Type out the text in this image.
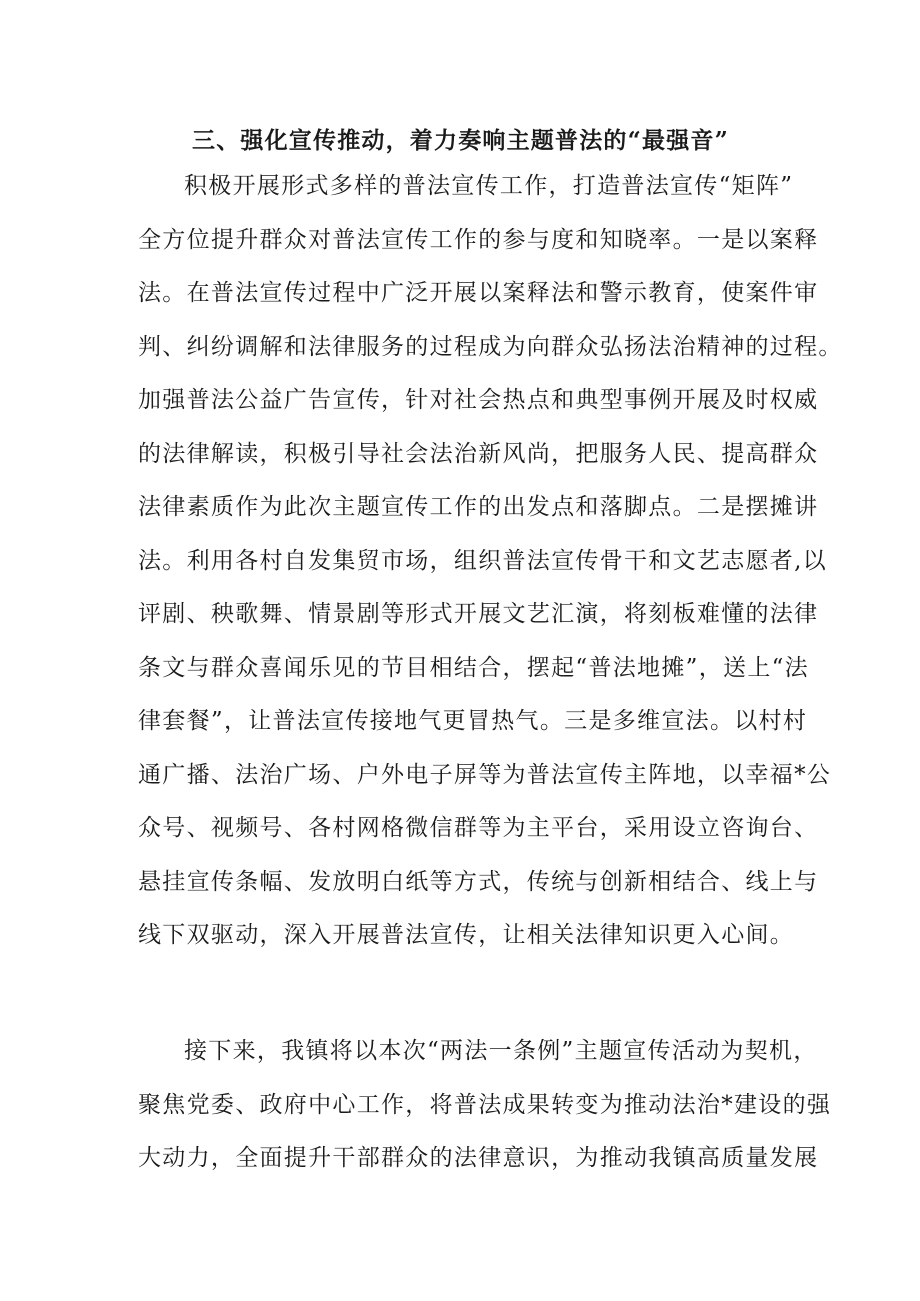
三、强化宣传推动，着力奏响主题普法的“最强音”
积极开展形式多样的普法宣传工作，打造普法宣传“矩阵”
全方位提升群众对普法宣传工作的参与度和知晓率。一是以案释
法。在普法宣传过程中广泛开展以案释法和警示教育，使案件审
判、纠纷调解和法律服务的过程成为向群众弘扬法治精神的过程。
加强普法公益广告宣传，针对社会热点和典型事例开展及时权威
的法律解读，积极引导社会法治新风尚，把服务人民、提高群众
法律素质作为此次主题宣传工作的出发点和落脚点。二是摆摊讲
法。利用各村自发集贸市场，组织普法宣传骨干和文艺志愿者,以
评剧、秧歌舞、情景剧等形式开展文艺汇演，将刻板难懂的法律
条文与群众喜闻乐见的节目相结合，摆起“普法地摊”，送上“法
律套餐”，让普法宣传接地气更冒热气。三是多维宣法。以村村
通广播、法治广场、户外电子屏等为普法宣传主阵地，以幸福*公
众号、视频号、各村网格微信群等为主平台，采用设立咨询台、
悬挂宣传条幅、发放明白纸等方式，传统与创新相结合、线上与
线下双驱动，深入开展普法宣传，让相关法律知识更入心间。
接下来，我镇将以本次“两法一条例”主题宣传活动为契机，
聚焦党委、政府中心工作，将普法成果转变为推动法治*建设的强
大动力，全面提升干部群众的法律意识，为推动我镇高质量发展
